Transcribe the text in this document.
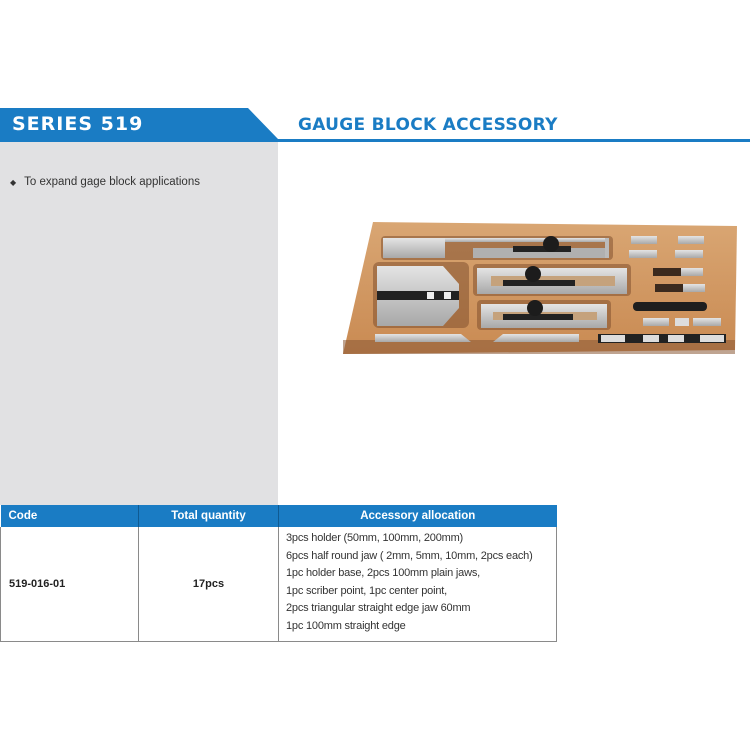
SERIES 519	GAUGE BLOCK ACCESSORY
◆ To expand gage block applications
Code	Total quantity	Accessory allocation
519-016-01	17pcs	
3pcs holder (50mm, 100mm, 200mm)
6pcs half round jaw ( 2mm, 5mm, 10mm, 2pcs each)
1pc holder base, 2pcs 100mm plain jaws,
1pc scriber point, 1pc center point,
2pcs triangular straight edge jaw 60mm
1pc 100mm straight edge
